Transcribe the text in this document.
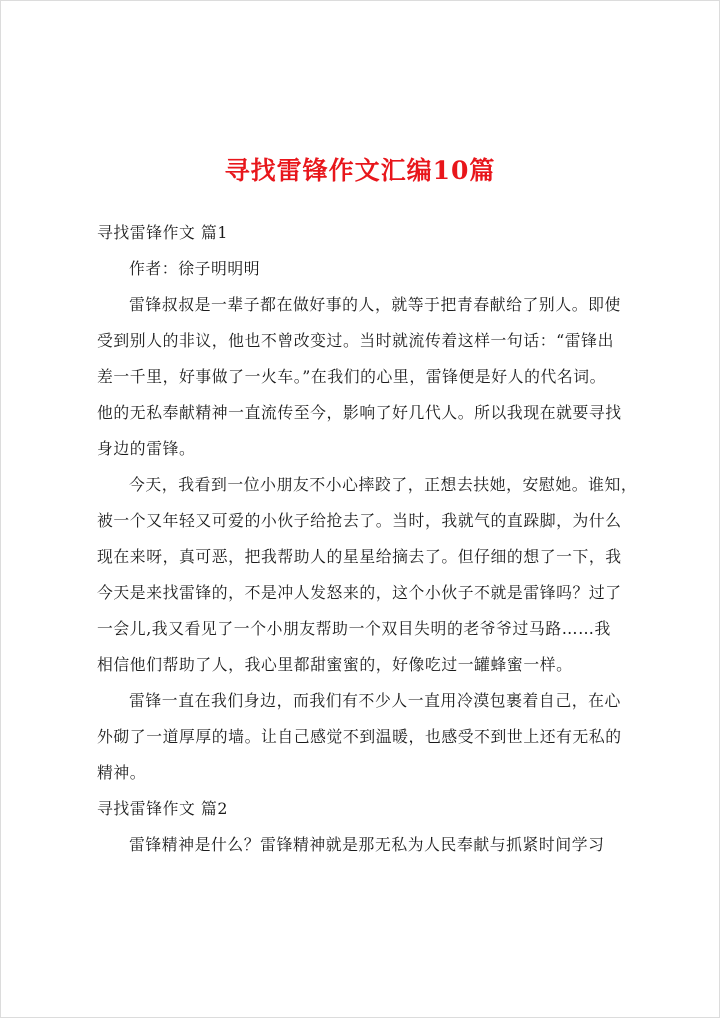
寻找雷锋作文汇编10篇
寻找雷锋作文 篇1
作者：徐子明明明
雷锋叔叔是一辈子都在做好事的人，就等于把青春献给了别人。即使
受到别人的非议，他也不曾改变过。当时就流传着这样一句话：“雷锋出
差一千里，好事做了一火车。”在我们的心里，雷锋便是好人的代名词。
他的无私奉献精神一直流传至今，影响了好几代人。所以我现在就要寻找
身边的雷锋。
今天，我看到一位小朋友不小心摔跤了，正想去扶她，安慰她。谁知，
被一个又年轻又可爱的小伙子给抢去了。当时，我就气的直跺脚，为什么
现在来呀，真可恶，把我帮助人的星星给摘去了。但仔细的想了一下，我
今天是来找雷锋的，不是冲人发怒来的，这个小伙子不就是雷锋吗？过了
一会儿,我又看见了一个小朋友帮助一个双目失明的老爷爷过马路……我
相信他们帮助了人，我心里都甜蜜蜜的，好像吃过一罐蜂蜜一样。
雷锋一直在我们身边，而我们有不少人一直用冷漠包裹着自己，在心
外砌了一道厚厚的墙。让自己感觉不到温暖，也感受不到世上还有无私的
精神。
寻找雷锋作文 篇2
雷锋精神是什么？雷锋精神就是那无私为人民奉献与抓紧时间学习
